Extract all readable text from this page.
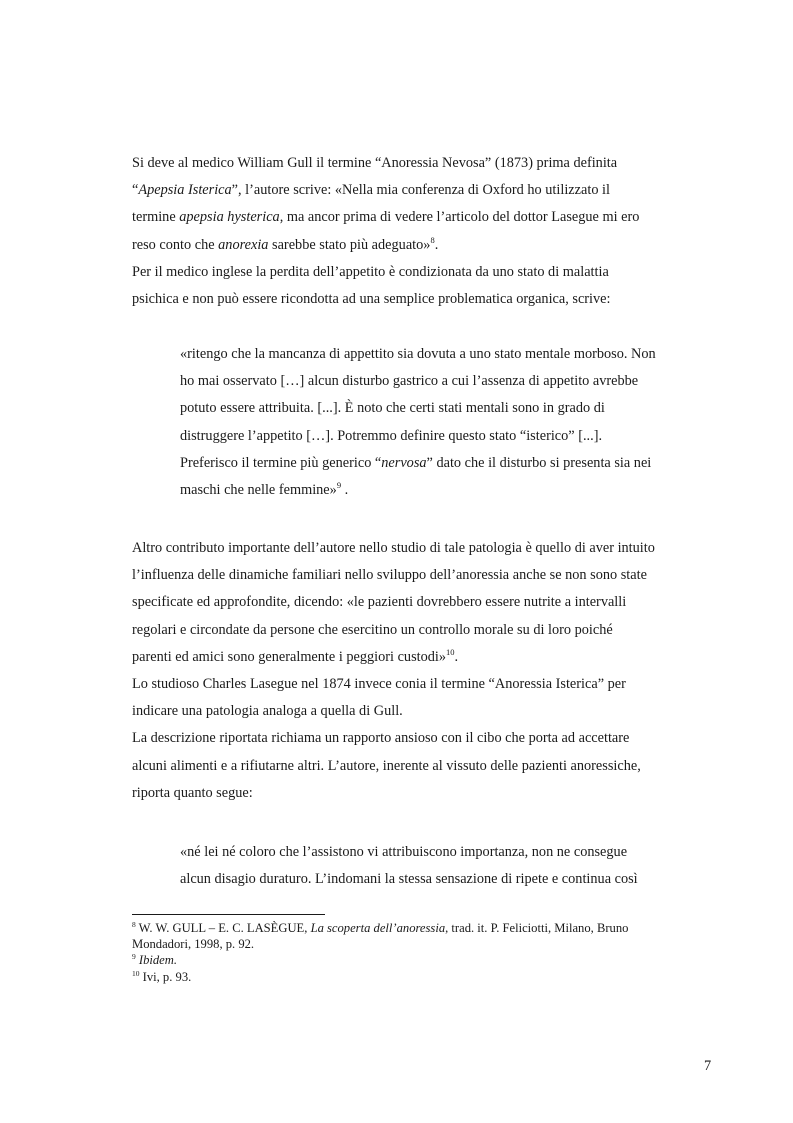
Si deve al medico William Gull il termine “Anoressia Nevosa” (1873) prima definita

“Apepsia Isterica”, l’autore scrive: «Nella mia conferenza di Oxford ho utilizzato il

termine apepsia hysterica, ma ancor prima di vedere l’articolo del dottor Lasegue mi ero

reso conto che anorexia sarebbe stato più adeguato»$^8$.

Per il medico inglese la perdita dell’appetito è condizionata da uno stato di malattia

psichica e non può essere ricondotta ad una semplice problematica organica, scrive:

«ritengo che la mancanza di appettito sia dovuta a uno stato mentale morboso. Non

ho mai osservato […] alcun disturbo gastrico a cui l’assenza di appetito avrebbe

potuto essere attribuita. [...]. È noto che certi stati mentali sono in grado di

distruggere l’appetito […]. Potremmo definire questo stato “isterico” [...].

Preferisco il termine più generico “nervosa” dato che il disturbo si presenta sia nei

maschi che nelle femmine»$^9$ .

Altro contributo importante dell’autore nello studio di tale patologia è quello di aver intuito

l’influenza delle dinamiche familiari nello sviluppo dell’anoressia anche se non sono state

specificate ed approfondite, dicendo: «le pazienti dovrebbero essere nutrite a intervalli

regolari e circondate da persone che esercitino un controllo morale su di loro poiché

parenti ed amici sono generalmente i peggiori custodi»$^{10}$.

Lo studioso Charles Lasegue nel 1874 invece conia il termine “Anoressia Isterica” per

indicare una patologia analoga a quella di Gull.

La descrizione riportata richiama un rapporto ansioso con il cibo che porta ad accettare

alcuni alimenti e a rifiutarne altri. L’autore, inerente al vissuto delle pazienti anoressiche,

riporta quanto segue:

«né lei né coloro che l’assistono vi attribuiscono importanza, non ne consegue

alcun disagio duraturo. L’indomani la stessa sensazione di ripete e continua così

$^8$ W. W. GULL – E. C. LASÈGUE, La scoperta dell’anoressia, trad. it. P. Feliciotti, Milano, Bruno

Mondadori, 1998, p. 92.

$^9$ Ibidem.

$^{10}$ Ivi, p. 93.

7
